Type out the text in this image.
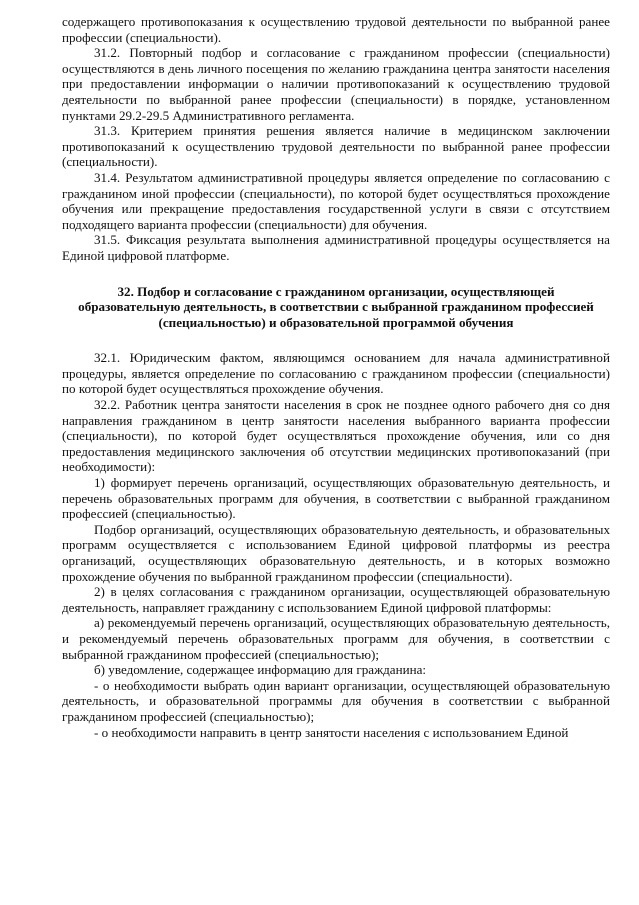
содержащего противопоказания к осуществлению трудовой деятельности по выбранной ранее профессии (специальности).

31.2. Повторный подбор и согласование с гражданином профессии (специальности) осуществляются в день личного посещения по желанию гражданина центра занятости населения при предоставлении информации о наличии противопоказаний к осуществлению трудовой деятельности по выбранной ранее профессии (специальности) в порядке, установленном пунктами 29.2-29.5 Административного регламента.

31.3. Критерием принятия решения является наличие в медицинском заключении противопоказаний к осуществлению трудовой деятельности по выбранной ранее профессии (специальности).

31.4. Результатом административной процедуры является определение по согласованию с гражданином иной профессии (специальности), по которой будет осуществляться прохождение обучения или прекращение предоставления государственной услуги в связи с отсутствием подходящего варианта профессии (специальности) для обучения.

31.5. Фиксация результата выполнения административной процедуры осуществляется на Единой цифровой платформе.

32. Подбор и согласование с гражданином организации, осуществляющей образовательную деятельность, в соответствии с выбранной гражданином профессией (специальностью) и образовательной программой обучения

32.1. Юридическим фактом, являющимся основанием для начала административной процедуры, является определение по согласованию с гражданином профессии (специальности) по которой будет осуществляться прохождение обучения.

32.2. Работник центра занятости населения в срок не позднее одного рабочего дня со дня направления гражданином в центр занятости населения выбранного варианта профессии (специальности), по которой будет осуществляться прохождение обучения, или со дня предоставления медицинского заключения об отсутствии медицинских противопоказаний (при необходимости):

1) формирует перечень организаций, осуществляющих образовательную деятельность, и перечень образовательных программ для обучения, в соответствии с выбранной гражданином профессией (специальностью).

Подбор организаций, осуществляющих образовательную деятельность, и образовательных программ осуществляется с использованием Единой цифровой платформы из реестра организаций, осуществляющих образовательную деятельность, и в которых возможно прохождение обучения по выбранной гражданином профессии (специальности).

2) в целях согласования с гражданином организации, осуществляющей образовательную деятельность, направляет гражданину с использованием Единой цифровой платформы:

а) рекомендуемый перечень организаций, осуществляющих образовательную деятельность, и рекомендуемый перечень образовательных программ для обучения, в соответствии с выбранной гражданином профессией (специальностью);

б) уведомление, содержащее информацию для гражданина:

- о необходимости выбрать один вариант организации, осуществляющей образовательную деятельность, и образовательной программы для обучения в соответствии с выбранной гражданином профессией (специальностью);

- о необходимости направить в центр занятости населения с использованием Единой
